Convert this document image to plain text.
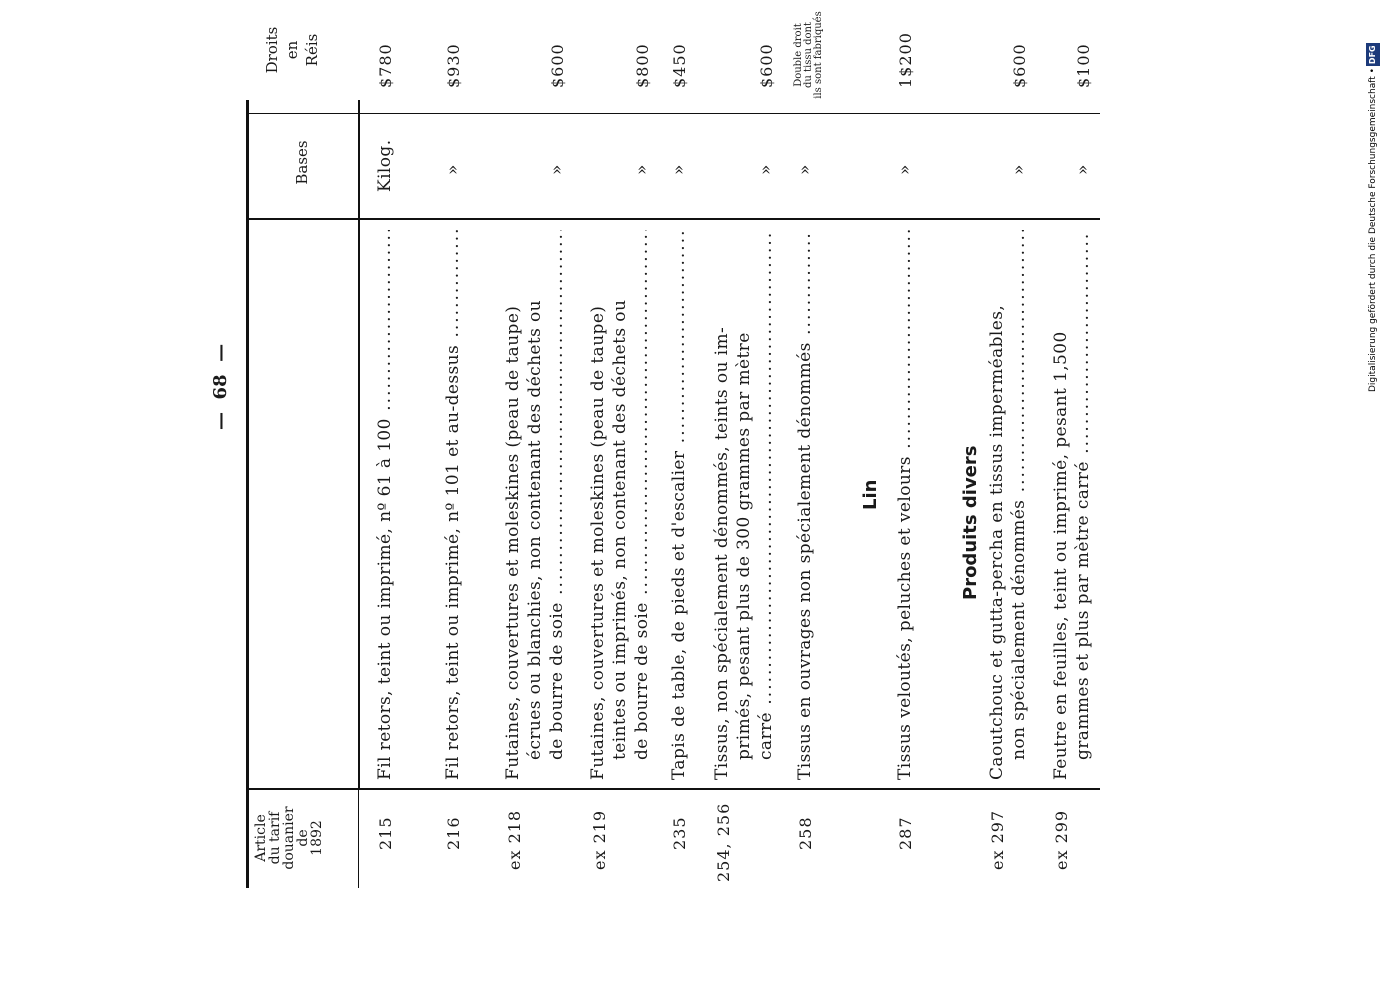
Digitalisierung gefördert durch die Deutsche Forschungsgemeinschaft •DFG
—  68  —
Article
du tarif
douanier
de
1892
Bases
Droits en Réis
215
Fil retors, teint ou imprimé, nº 61 à 100 .....
Kilog.
$780
216
Fil retors, teint ou imprimé, nº 101 et au-dessus .....
»
$930
ex 218
Futaines, couvertures et moleskines (peau de taupe) écrues ou blanchies, non contenant des déchets ou de bourre de soie .....
»
$600
ex 219
Futaines, couvertures et moleskines (peau de taupe) teintes ou imprimés, non contenant des déchets ou de bourre de soie .....
»
$800
235
Tapis de table, de pieds et d'escalier .....
»
$450
254, 256
Tissus, non spécialement dénommés, teints ou im- primés, pesant plus de 300 grammes par mètre carré .....
»
$600
258
Tissus en ouvrages non spécialement dénommés .....
»
Double droit du tissu dont ils sont fabriqués
Lin
287
Tissus veloutés, peluches et velours .....
»
1$200
Produits divers
ex 297
Caoutchouc et gutta-percha en tissus imperméables, non spécialement dénommés .....
»
$600
ex 299
Feutre en feuilles, teint ou imprimé, pesant 1,500 grammes et plus par mètre carré .....
»
$100
